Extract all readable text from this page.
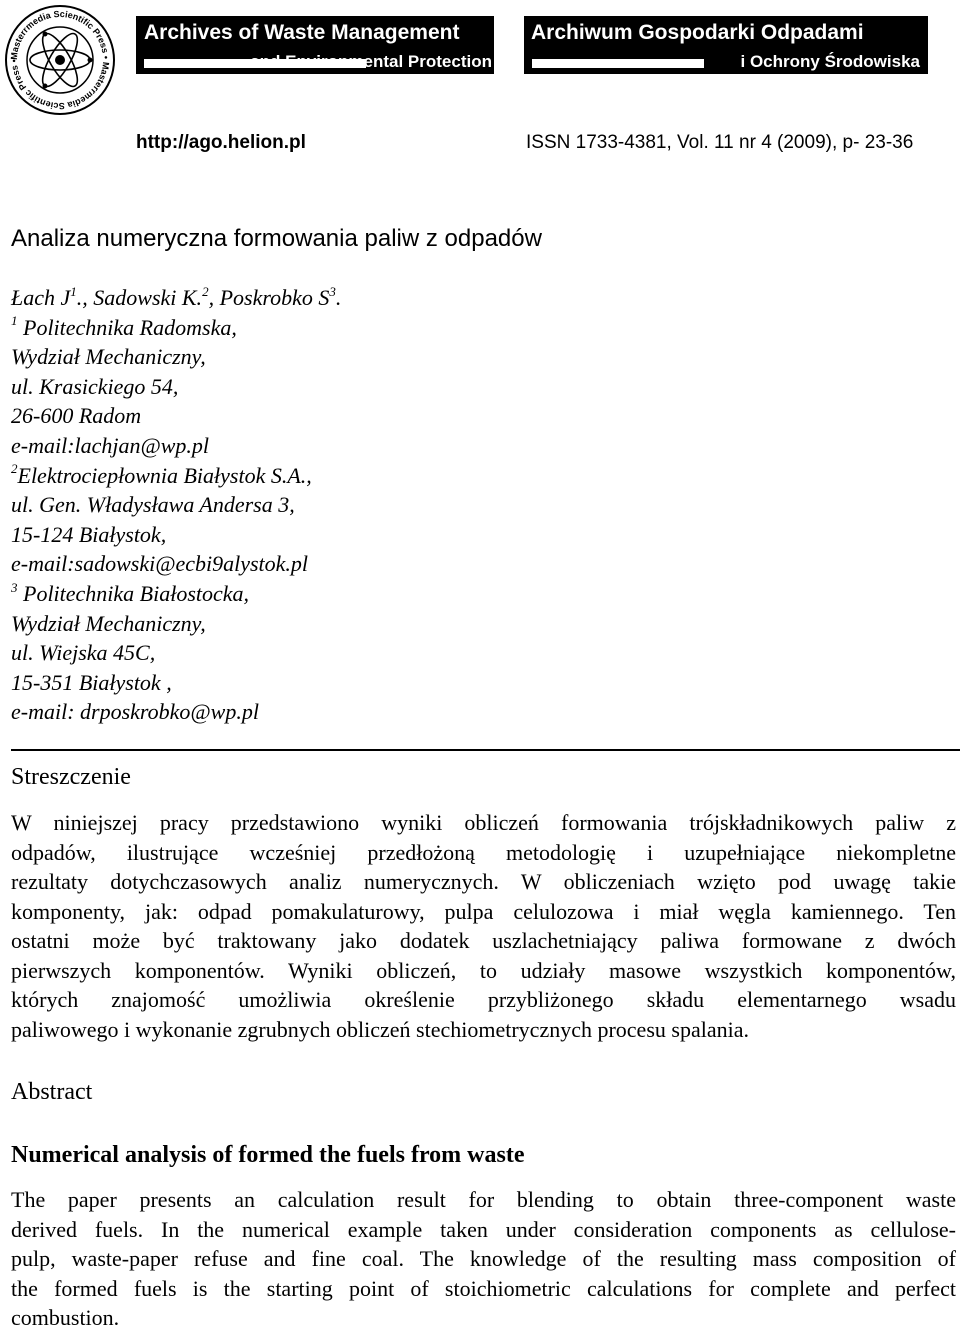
Masterrmedia Scientific Press • Masterrmedia Scientific Press •
Archives of Waste Management
and Environmental Protection
Archiwum Gospodarki Odpadami
i Ochrony Środowiska
http://ago.helion.pl	ISSN 1733-4381, Vol. 11 nr 4 (2009), p- 23-36
Analiza numeryczna formowania paliw z odpadów
Łach $J^1$., Sadowski K.$^2$, Poskrobko $S^3$.
$^1$ Politechnika Radomska,
Wydział Mechaniczny,
ul. Krasickiego 54,
26-600 Radom
e-mail:lachjan@wp.pl
$^2$Elektrociepłownia Białystok S.A.,
ul. Gen. Władysława Andersa 3,
15-124 Białystok,
e-mail:sadowski@ecbi9alystok.pl
$^3$ Politechnika Białostocka,
Wydział Mechaniczny,
ul. Wiejska 45C,
15-351 Białystok ,
e-mail: drposkrobko@wp.pl
Streszczenie
W niniejszej pracy przedstawiono wyniki obliczeń formowania trójskładnikowych paliw z
odpadów, ilustrujące wcześniej przedłożoną metodologię i uzupełniające niekompletne
rezultaty dotychczasowych analiz numerycznych. W obliczeniach wzięto pod uwagę takie
komponenty, jak: odpad pomakulaturowy, pulpa celulozowa i miał węgla kamiennego. Ten
ostatni może być traktowany jako dodatek uszlachetniający paliwa formowane z dwóch
pierwszych komponentów. Wyniki obliczeń, to udziały masowe wszystkich komponentów,
których znajomość umożliwia określenie przybliżonego składu elementarnego wsadu
paliwowego i wykonanie zgrubnych obliczeń stechiometrycznych procesu spalania.
Abstract
Numerical analysis of formed the fuels from waste
The paper presents an calculation result for blending to obtain three-component waste
derived fuels. In the numerical example taken under consideration components as cellulose-
pulp, waste-paper refuse and fine coal. The knowledge of the resulting mass composition of
the formed fuels is the starting point of stoichiometric calculations for complete and perfect
combustion.
